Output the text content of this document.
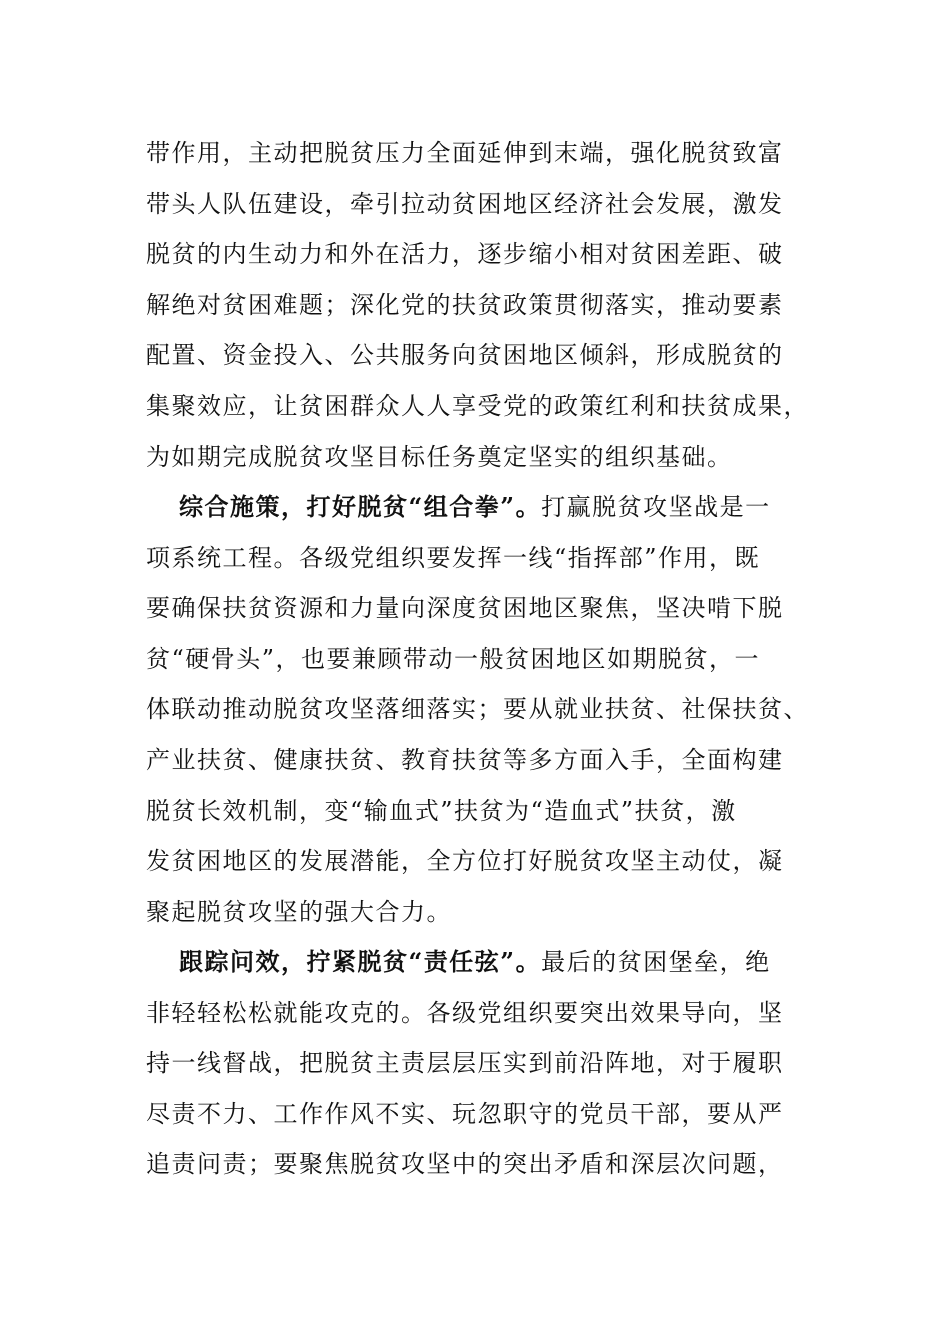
带作用，主动把脱贫压力全面延伸到末端，强化脱贫致富
带头人队伍建设，牵引拉动贫困地区经济社会发展，激发
脱贫的内生动力和外在活力，逐步缩小相对贫困差距、破
解绝对贫困难题；深化党的扶贫政策贯彻落实，推动要素
配置、资金投入、公共服务向贫困地区倾斜，形成脱贫的
集聚效应，让贫困群众人人享受党的政策红利和扶贫成果，
为如期完成脱贫攻坚目标任务奠定坚实的组织基础。
综合施策，打好脱贫“组合拳”。打赢脱贫攻坚战是一
项系统工程。各级党组织要发挥一线“指挥部”作用，既
要确保扶贫资源和力量向深度贫困地区聚焦，坚决啃下脱
贫“硬骨头”，也要兼顾带动一般贫困地区如期脱贫，一
体联动推动脱贫攻坚落细落实；要从就业扶贫、社保扶贫、
产业扶贫、健康扶贫、教育扶贫等多方面入手，全面构建
脱贫长效机制，变“输血式”扶贫为“造血式”扶贫，激
发贫困地区的发展潜能，全方位打好脱贫攻坚主动仗，凝
聚起脱贫攻坚的强大合力。
跟踪问效，拧紧脱贫“责任弦”。最后的贫困堡垒，绝
非轻轻松松就能攻克的。各级党组织要突出效果导向，坚
持一线督战，把脱贫主责层层压实到前沿阵地，对于履职
尽责不力、工作作风不实、玩忽职守的党员干部，要从严
追责问责；要聚焦脱贫攻坚中的突出矛盾和深层次问题，
